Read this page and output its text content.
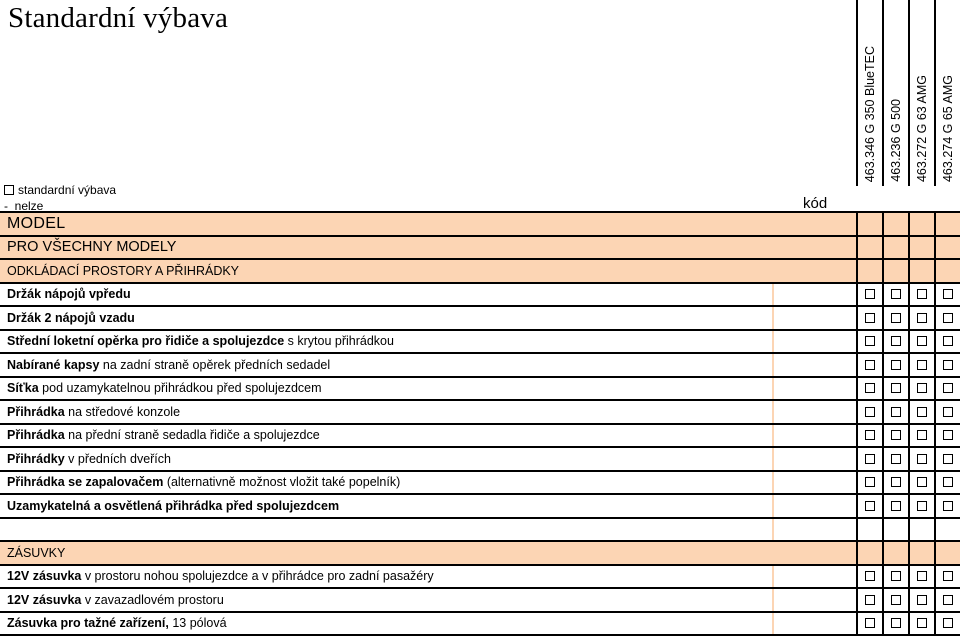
Standardní výbava
standardní výbava
- nelze	kód
463.346 G 350 BlueTEC 463.236 G 500 463.272 G 63 AMG 463.274 G 65 AMG
MODEL
PRO VŠECHNY MODELY
ODKLÁDACÍ PROSTORY A PŘIHRÁDKY
Držák nápojů vpředu
Držák 2 nápojů vzadu
Střední loketní opěrka pro řidiče a spolujezdce s krytou přihrádkou
Nabírané kapsy na zadní straně opěrek předních sedadel
Síťka pod uzamykatelnou přihrádkou před spolujezdcem
Přihrádka na středové konzole
Přihrádka na přední straně sedadla řidiče a spolujezdce
Přihrádky v předních dveřích
Přihrádka se zapalovačem (alternativně možnost vložit také popelník)
Uzamykatelná a osvětlená přihrádka před spolujezdcem
ZÁSUVKY
12V zásuvka v prostoru nohou spolujezdce a v přihrádce pro zadní pasažéry
12V zásuvka v zavazadlovém prostoru
Zásuvka pro tažné zařízení, 13 pólová
